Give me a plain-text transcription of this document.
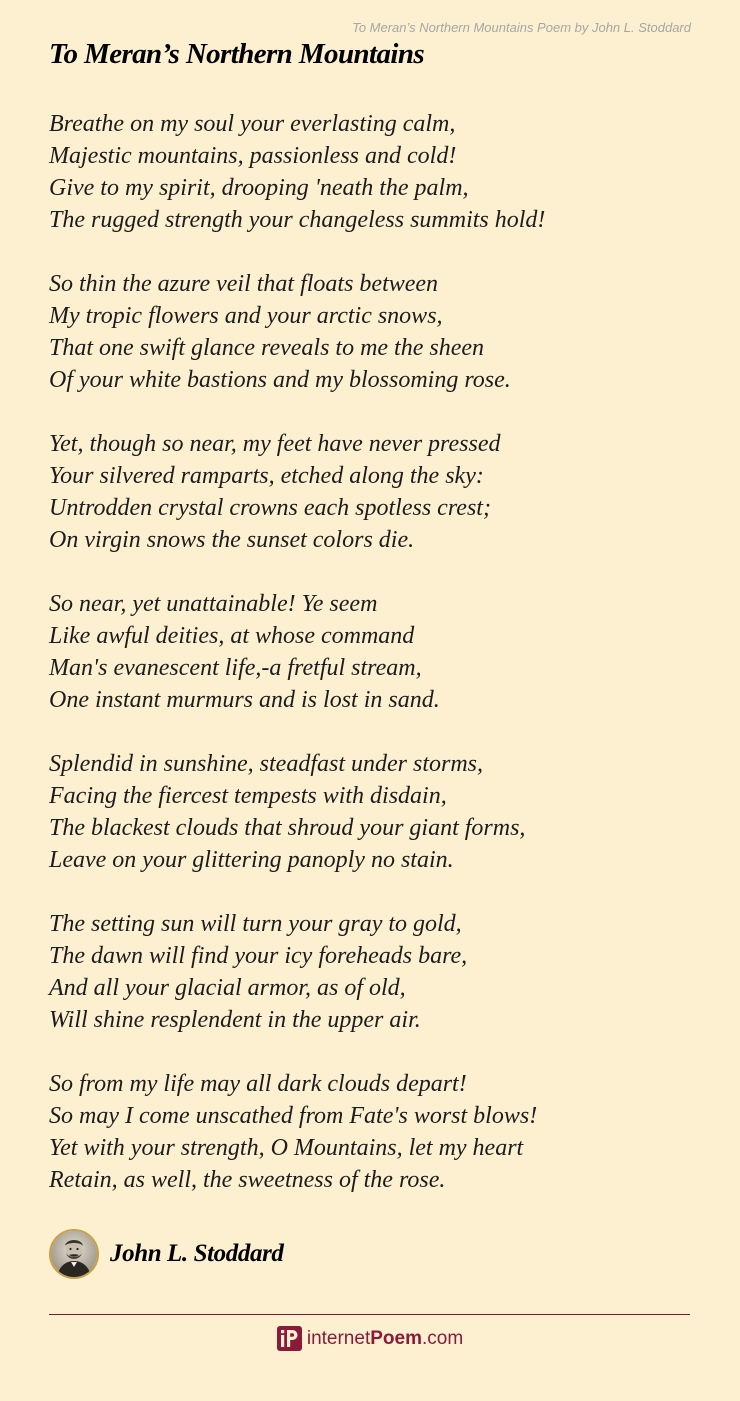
To Meran’s Northern Mountains Poem by John L. Stoddard
To Meran’s Northern Mountains
Breathe on my soul your everlasting calm,
Majestic mountains, passionless and cold!
Give to my spirit, drooping 'neath the palm,
The rugged strength your changeless summits hold!
So thin the azure veil that floats between
My tropic flowers and your arctic snows,
That one swift glance reveals to me the sheen
Of your white bastions and my blossoming rose.
Yet, though so near, my feet have never pressed
Your silvered ramparts, etched along the sky:
Untrodden crystal crowns each spotless crest;
On virgin snows the sunset colors die.
So near, yet unattainable! Ye seem
Like awful deities, at whose command
Man's evanescent life,-a fretful stream,
One instant murmurs and is lost in sand.
Splendid in sunshine, steadfast under storms,
Facing the fiercest tempests with disdain,
The blackest clouds that shroud your giant forms,
Leave on your glittering panoply no stain.
The setting sun will turn your gray to gold,
The dawn will find your icy foreheads bare,
And all your glacial armor, as of old,
Will shine resplendent in the upper air.
So from my life may all dark clouds depart!
So may I come unscathed from Fate's worst blows!
Yet with your strength, O Mountains, let my heart
Retain, as well, the sweetness of the rose.
John L. Stoddard
internetPoem.com
